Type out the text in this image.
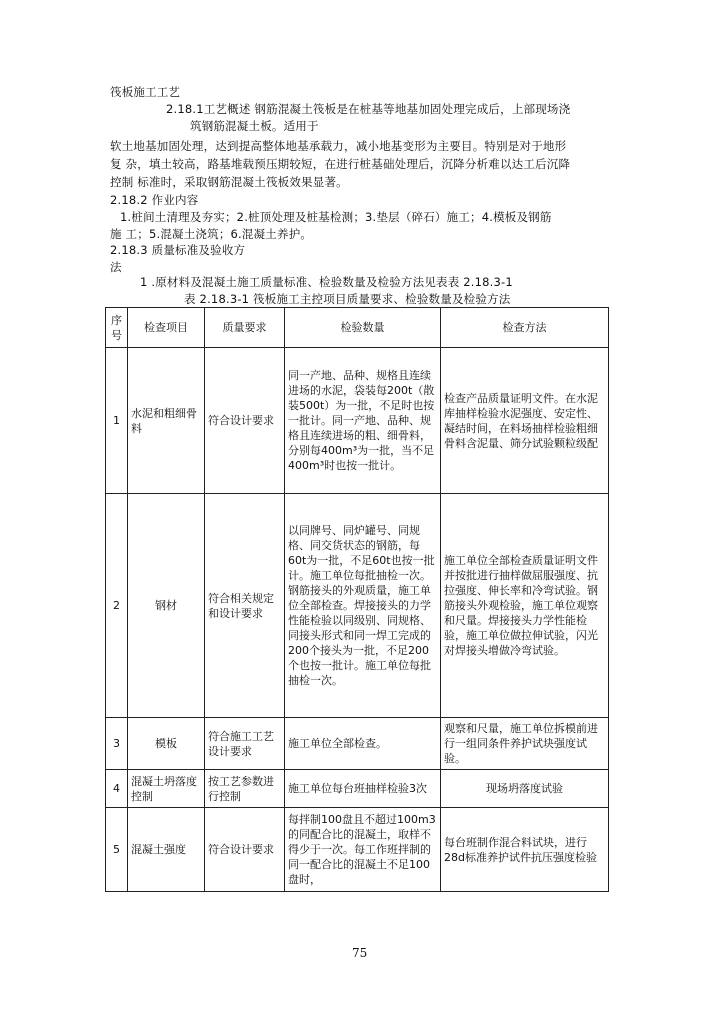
筏板施工工艺
2.18.1工艺概述 钢筋混凝土筏板是在桩基等地基加固处理完成后，上部现场浇
筑钢筋混凝土板。适用于
软土地基加固处理，达到提高整体地基承载力，减小地基变形为主要目。特别是对于地形
复 杂，填土较高，路基堆载预压期较短，在进行桩基础处理后，沉降分析难以达工后沉降
控制 标准时，采取钢筋混凝土筏板效果显著。
2.18.2 作业内容
1.桩间土清理及夯实；2.桩顶处理及桩基检测；3.垫层（碎石）施工；4.模板及钢筋
施 工；5.混凝土浇筑；6.混凝土养护。
2.18.3 质量标准及验收方
法
1 .原材料及混凝土施工质量标准、检验数量及检验方法见表表 2.18.3-1
表 2.18.3-1 筏板施工主控项目质量要求、检验数量及检验方法
序号	检查项目	质量要求	检验数量	检查方法
1	水泥和粗细骨料	符合设计要求	同一产地、品种、规格且连续进场的水泥，袋装每200t（散装500t）为一批，不足时也按一批计。同一产地、品种、规格且连续进场的粗、细骨料，分别每400m³为一批，当不足400m³时也按一批计。	检查产品质量证明文件。在水泥库抽样检验水泥强度、安定性、凝结时间，在料场抽样检验粗细骨料含泥量、筛分试验颗粒级配
2	钢材	符合相关规定和设计要求	以同牌号、同炉罐号、同规格、同交货状态的钢筋，每60t为一批，不足60t也按一批计。施工单位每批抽检一次。钢筋接头的外观质量，施工单位全部检查。焊接接头的力学性能检验以同级别、同规格、同接头形式和同一焊工完成的200个接头为一批，不足200个也按一批计。施工单位每批抽检一次。	施工单位全部检查质量证明文件并按批进行抽样做屈服强度、抗拉强度、伸长率和冷弯试验。钢筋接头外观检验，施工单位观察和尺量。焊接接头力学性能检验，施工单位做拉伸试验，闪光对焊接头增做冷弯试验。
3	模板	符合施工工艺设计要求	施工单位全部检查。	观察和尺量，施工单位拆模前进行一组同条件养护试块强度试验。
4	混凝土坍落度控制	按工艺参数进行控制	施工单位每台班抽样检验3次	现场坍落度试验
5	混凝土强度	符合设计要求	每拌制100盘且不超过100m3的同配合比的混凝土，取样不得少于一次。每工作班拌制的同一配合比的混凝土不足100盘时，	每台班制作混合料试块，进行28d标准养护试件抗压强度检验
75
